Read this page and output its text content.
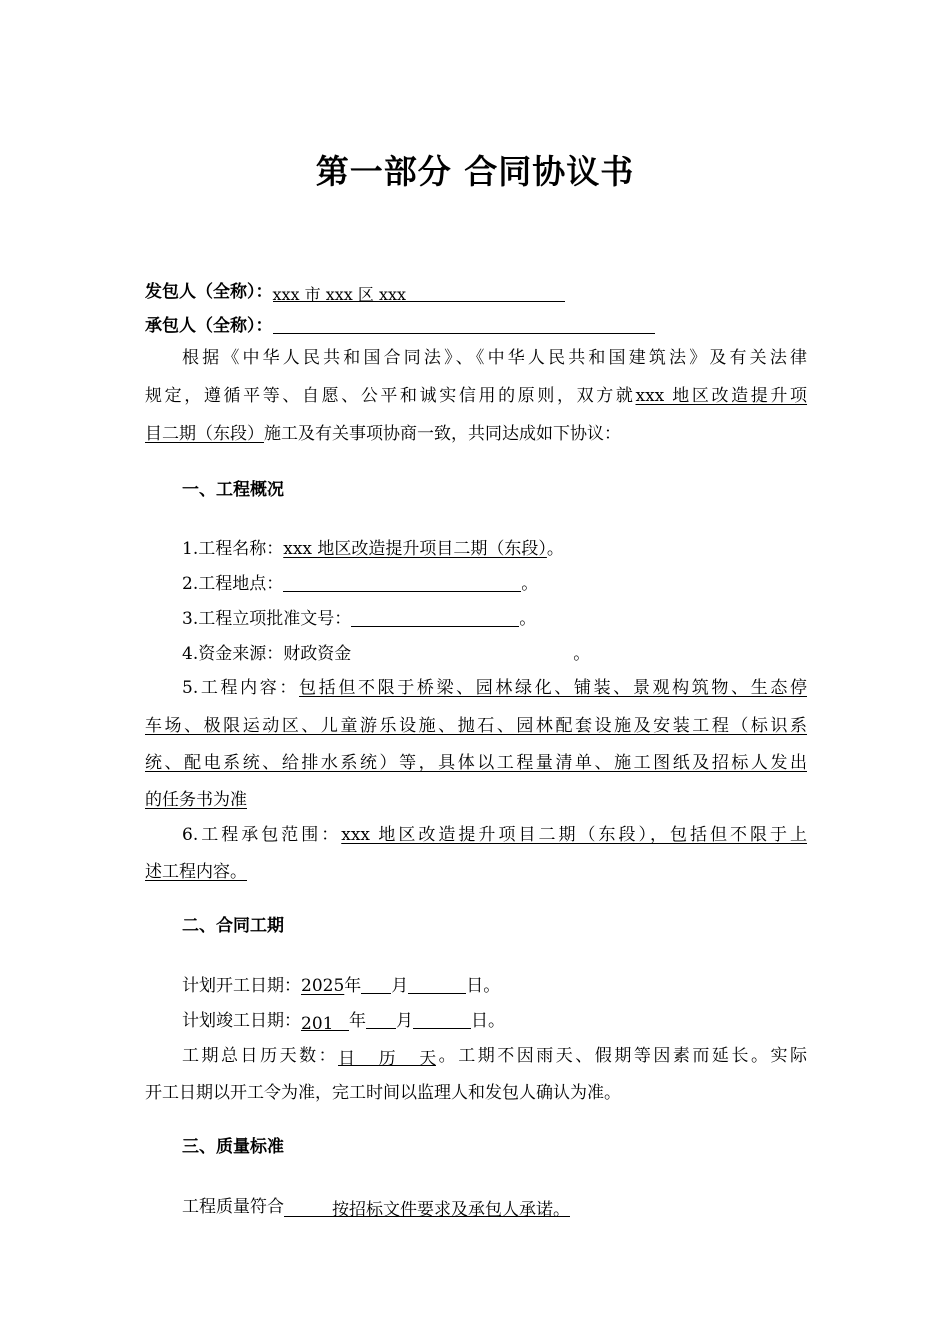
第一部分 合同协议书
发包人（全称）：xxx 市 xxx 区 xxx
承包人（全称）：
根据《中华人民共和国合同法》、《中华人民共和国建筑法》及有关法律
规定，遵循平等、自愿、公平和诚实信用的原则，双方就xxx 地区改造提升项
目二期（东段）施工及有关事项协商一致，共同达成如下协议：
一、工程概况
1.工程名称：xxx 地区改造提升项目二期（东段）。
2.工程地点：	。
3.工程立项批准文号：	。
4.资金来源：财政资金	。
5.工程内容：包括但不限于桥梁、园林绿化、铺装、景观构筑物、生态停
车场、极限运动区、儿童游乐设施、抛石、园林配套设施及安装工程（标识系
统、配电系统、给排水系统）等，具体以工程量清单、施工图纸及招标人发出
的任务书为准
6.工程承包范围：xxx 地区改造提升项目二期（东段），包括但不限于上
述工程内容。
二、合同工期
计划开工日期：2025年 月	日。
计划竣工日期：201 年 月	日。
工期总日历天数：日历天。工期不因雨天、假期等因素而延长。实际
开工日期以开工令为准，完工时间以监理人和发包人确认为准。
三、质量标准
工程质量符合	按招标文件要求及承包人承诺。
